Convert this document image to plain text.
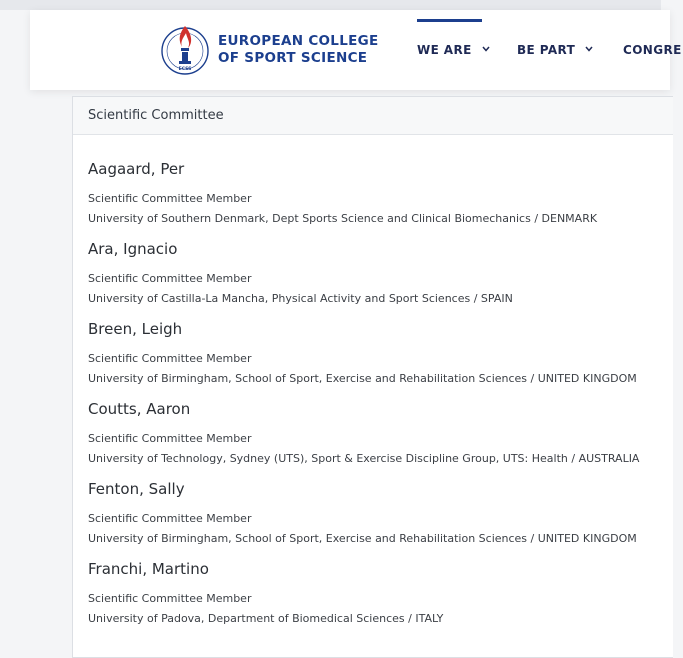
ECSS
EUROPEAN COLLEGE
OF SPORT SCIENCE	WE ARE	BE PART	CONGRE
Scientific Committee
Aagaard, Per
Scientific Committee Member
University of Southern Denmark, Dept Sports Science and Clinical Biomechanics / DENMARK
Ara, Ignacio
Scientific Committee Member
University of Castilla-La Mancha, Physical Activity and Sport Sciences / SPAIN
Breen, Leigh
Scientific Committee Member
University of Birmingham, School of Sport, Exercise and Rehabilitation Sciences / UNITED KINGDOM
Coutts, Aaron
Scientific Committee Member
University of Technology, Sydney (UTS), Sport & Exercise Discipline Group, UTS: Health / AUSTRALIA
Fenton, Sally
Scientific Committee Member
University of Birmingham, School of Sport, Exercise and Rehabilitation Sciences / UNITED KINGDOM
Franchi, Martino
Scientific Committee Member
University of Padova, Department of Biomedical Sciences / ITALY
